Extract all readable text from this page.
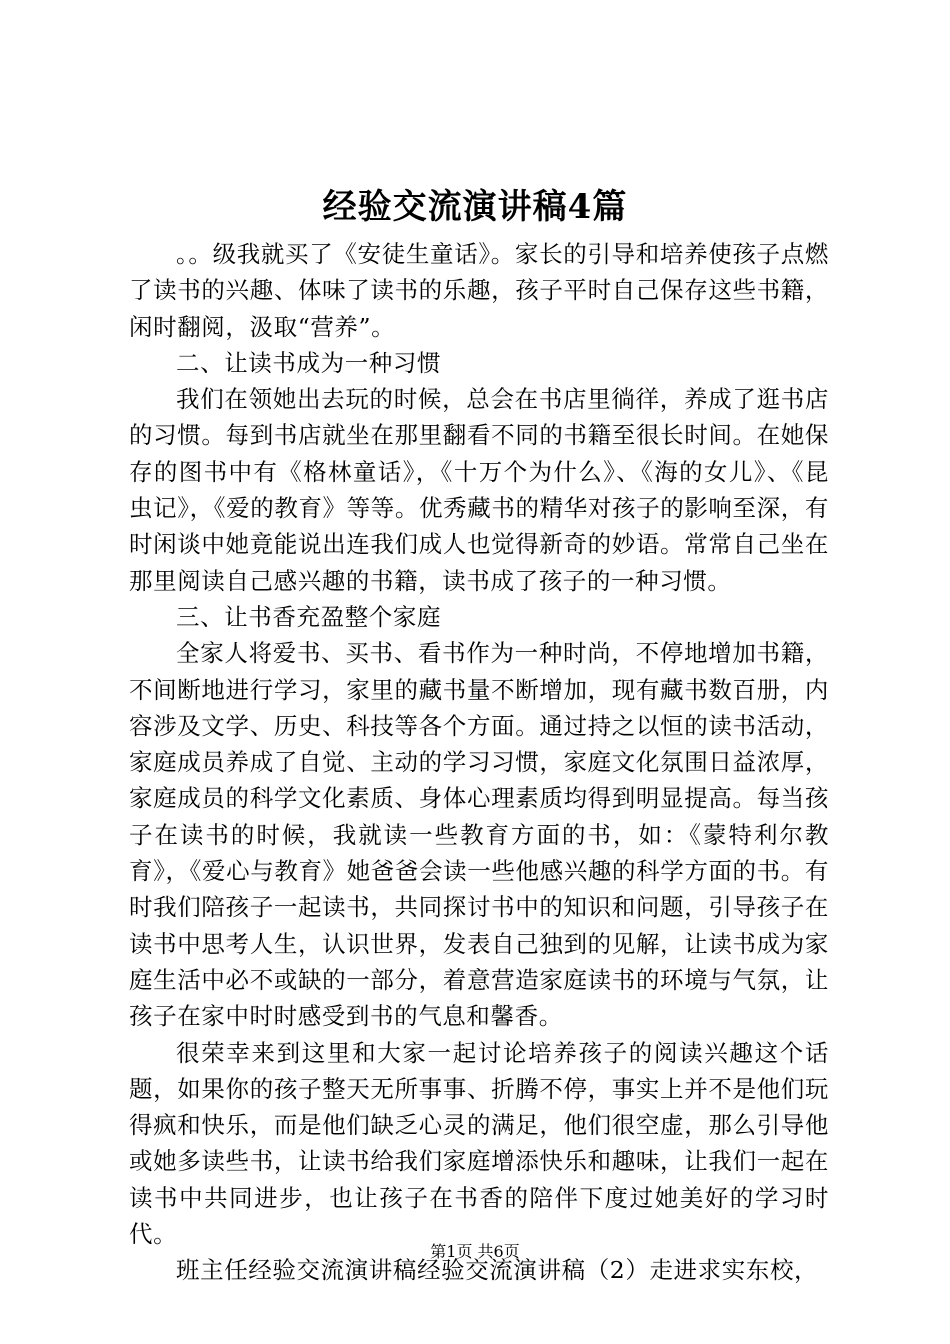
经验交流演讲稿4篇

。。级我就买了《安徒生童话》。家长的引导和培养使孩子点燃了读书的兴趣、体味了读书的乐趣，孩子平时自己保存这些书籍，闲时翻阅，汲取“营养”。

二、让读书成为一种习惯

我们在领她出去玩的时候，总会在书店里徜徉，养成了逛书店的习惯。每到书店就坐在那里翻看不同的书籍至很长时间。在她保存的图书中有《格林童话》，《十万个为什么》、《海的女儿》、《昆虫记》，《爱的教育》等等。优秀藏书的精华对孩子的影响至深，有时闲谈中她竟能说出连我们成人也觉得新奇的妙语。常常自己坐在那里阅读自己感兴趣的书籍，读书成了孩子的一种习惯。

三、让书香充盈整个家庭

全家人将爱书、买书、看书作为一种时尚，不停地增加书籍，不间断地进行学习，家里的藏书量不断增加，现有藏书数百册，内容涉及文学、历史、科技等各个方面。通过持之以恒的读书活动，家庭成员养成了自觉、主动的学习习惯，家庭文化氛围日益浓厚，家庭成员的科学文化素质、身体心理素质均得到明显提高。每当孩子在读书的时候，我就读一些教育方面的书，如：《蒙特利尔教育》，《爱心与教育》她爸爸会读一些他感兴趣的科学方面的书。有时我们陪孩子一起读书，共同探讨书中的知识和问题，引导孩子在读书中思考人生，认识世界，发表自己独到的见解，让读书成为家庭生活中必不或缺的一部分，着意营造家庭读书的环境与气氛，让孩子在家中时时感受到书的气息和馨香。

很荣幸来到这里和大家一起讨论培养孩子的阅读兴趣这个话题，如果你的孩子整天无所事事、折腾不停，事实上并不是他们玩得疯和快乐，而是他们缺乏心灵的满足，他们很空虚，那么引导他或她多读些书，让读书给我们家庭增添快乐和趣味，让我们一起在读书中共同进步，也让孩子在书香的陪伴下度过她美好的学习时代。

班主任经验交流演讲稿经验交流演讲稿（2）走进求实东校，

第1页 共6页
